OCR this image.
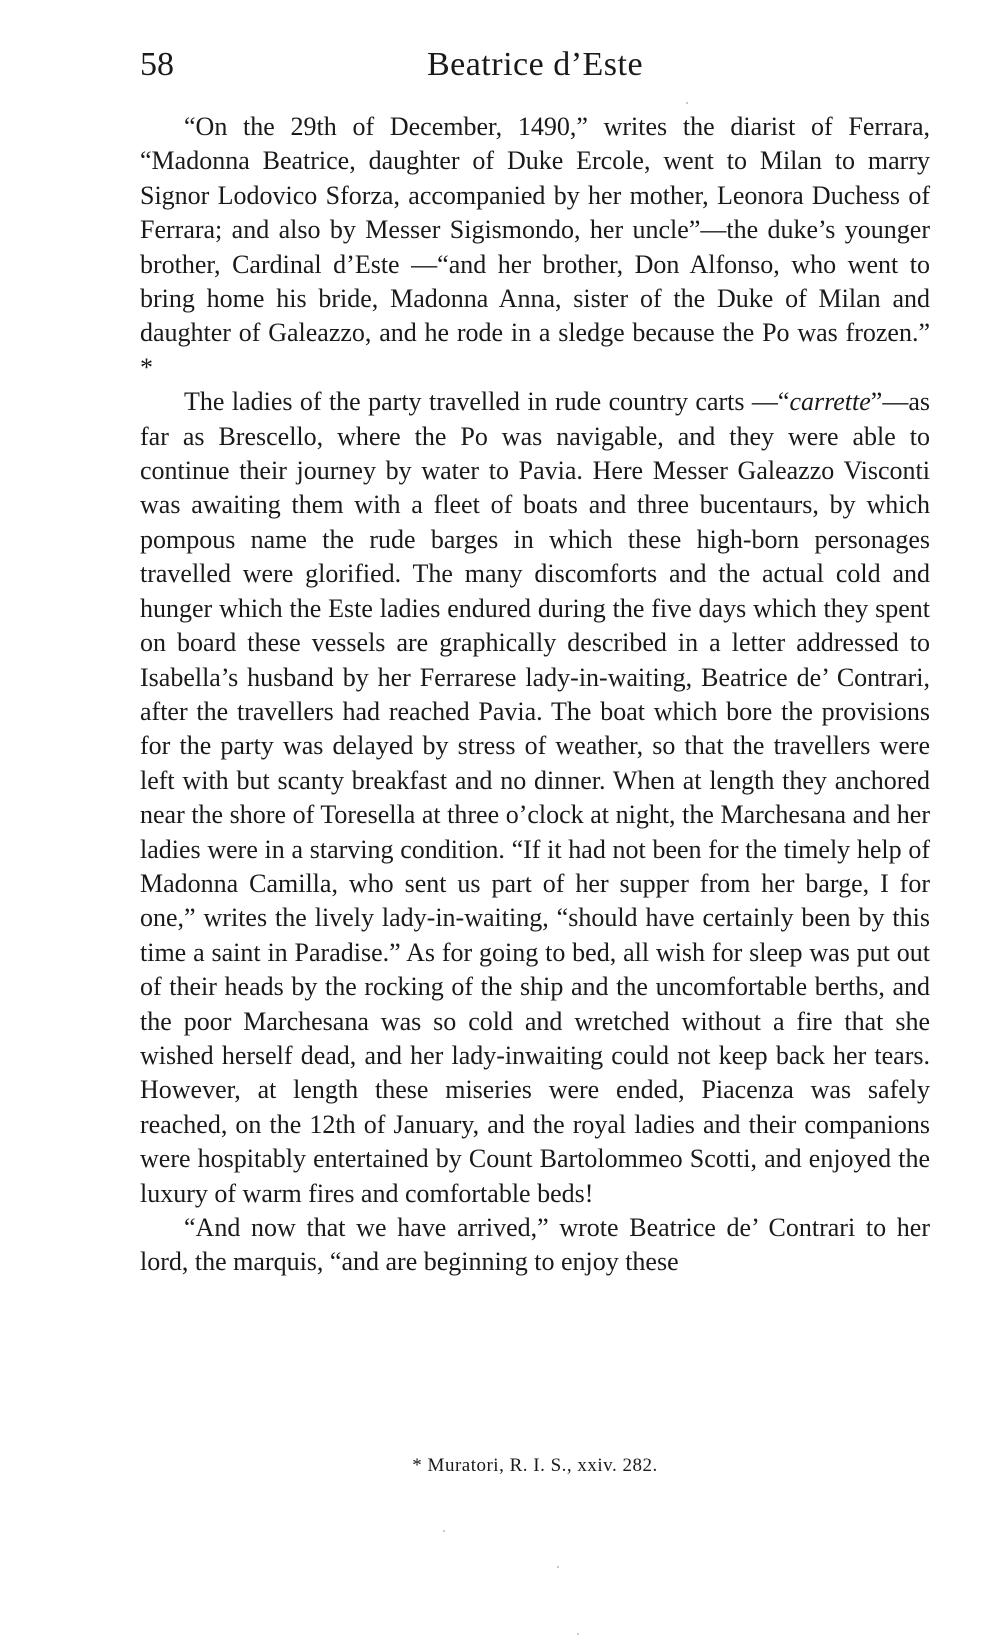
58	Beatrice d’Este

“On the 29th of December, 1490,” writes the diarist of Ferrara, “Madonna Beatrice, daughter of Duke Ercole, went to Milan to marry Signor Lodovico Sforza, accompanied by her mother, Leonora Duchess of Ferrara; and also by Messer Sigismondo, her uncle”—the duke’s younger brother, Cardinal d’Este —“and her brother, Don Alfonso, who went to bring home his bride, Madonna Anna, sister of the Duke of Milan and daughter of Galeazzo, and he rode in a sledge because the Po was frozen.” *

The ladies of the party travelled in rude country carts —“carrette”—as far as Brescello, where the Po was navigable, and they were able to continue their journey by water to Pavia. Here Messer Galeazzo Visconti was awaiting them with a fleet of boats and three bucentaurs, by which pompous name the rude barges in which these high-born personages travelled were glorified. The many discomforts and the actual cold and hunger which the Este ladies endured during the five days which they spent on board these vessels are graphically described in a letter addressed to Isabella’s husband by her Ferrarese lady-in-waiting, Beatrice de’ Contrari, after the travellers had reached Pavia. The boat which bore the provisions for the party was delayed by stress of weather, so that the travellers were left with but scanty breakfast and no dinner. When at length they anchored near the shore of Toresella at three o’clock at night, the Marchesana and her ladies were in a starving condition. “If it had not been for the timely help of Madonna Camilla, who sent us part of her supper from her barge, I for one,” writes the lively lady-in-waiting, “should have certainly been by this time a saint in Paradise.” As for going to bed, all wish for sleep was put out of their heads by the rocking of the ship and the uncomfortable berths, and the poor Marchesana was so cold and wretched without a fire that she wished herself dead, and her lady-inwaiting could not keep back her tears. However, at length these miseries were ended, Piacenza was safely reached, on the 12th of January, and the royal ladies and their companions were hospitably entertained by Count Bartolommeo Scotti, and enjoyed the luxury of warm fires and comfortable beds!

“And now that we have arrived,” wrote Beatrice de’ Contrari to her lord, the marquis, “and are beginning to enjoy these

* Muratori, R. I. S., xxiv. 282.
